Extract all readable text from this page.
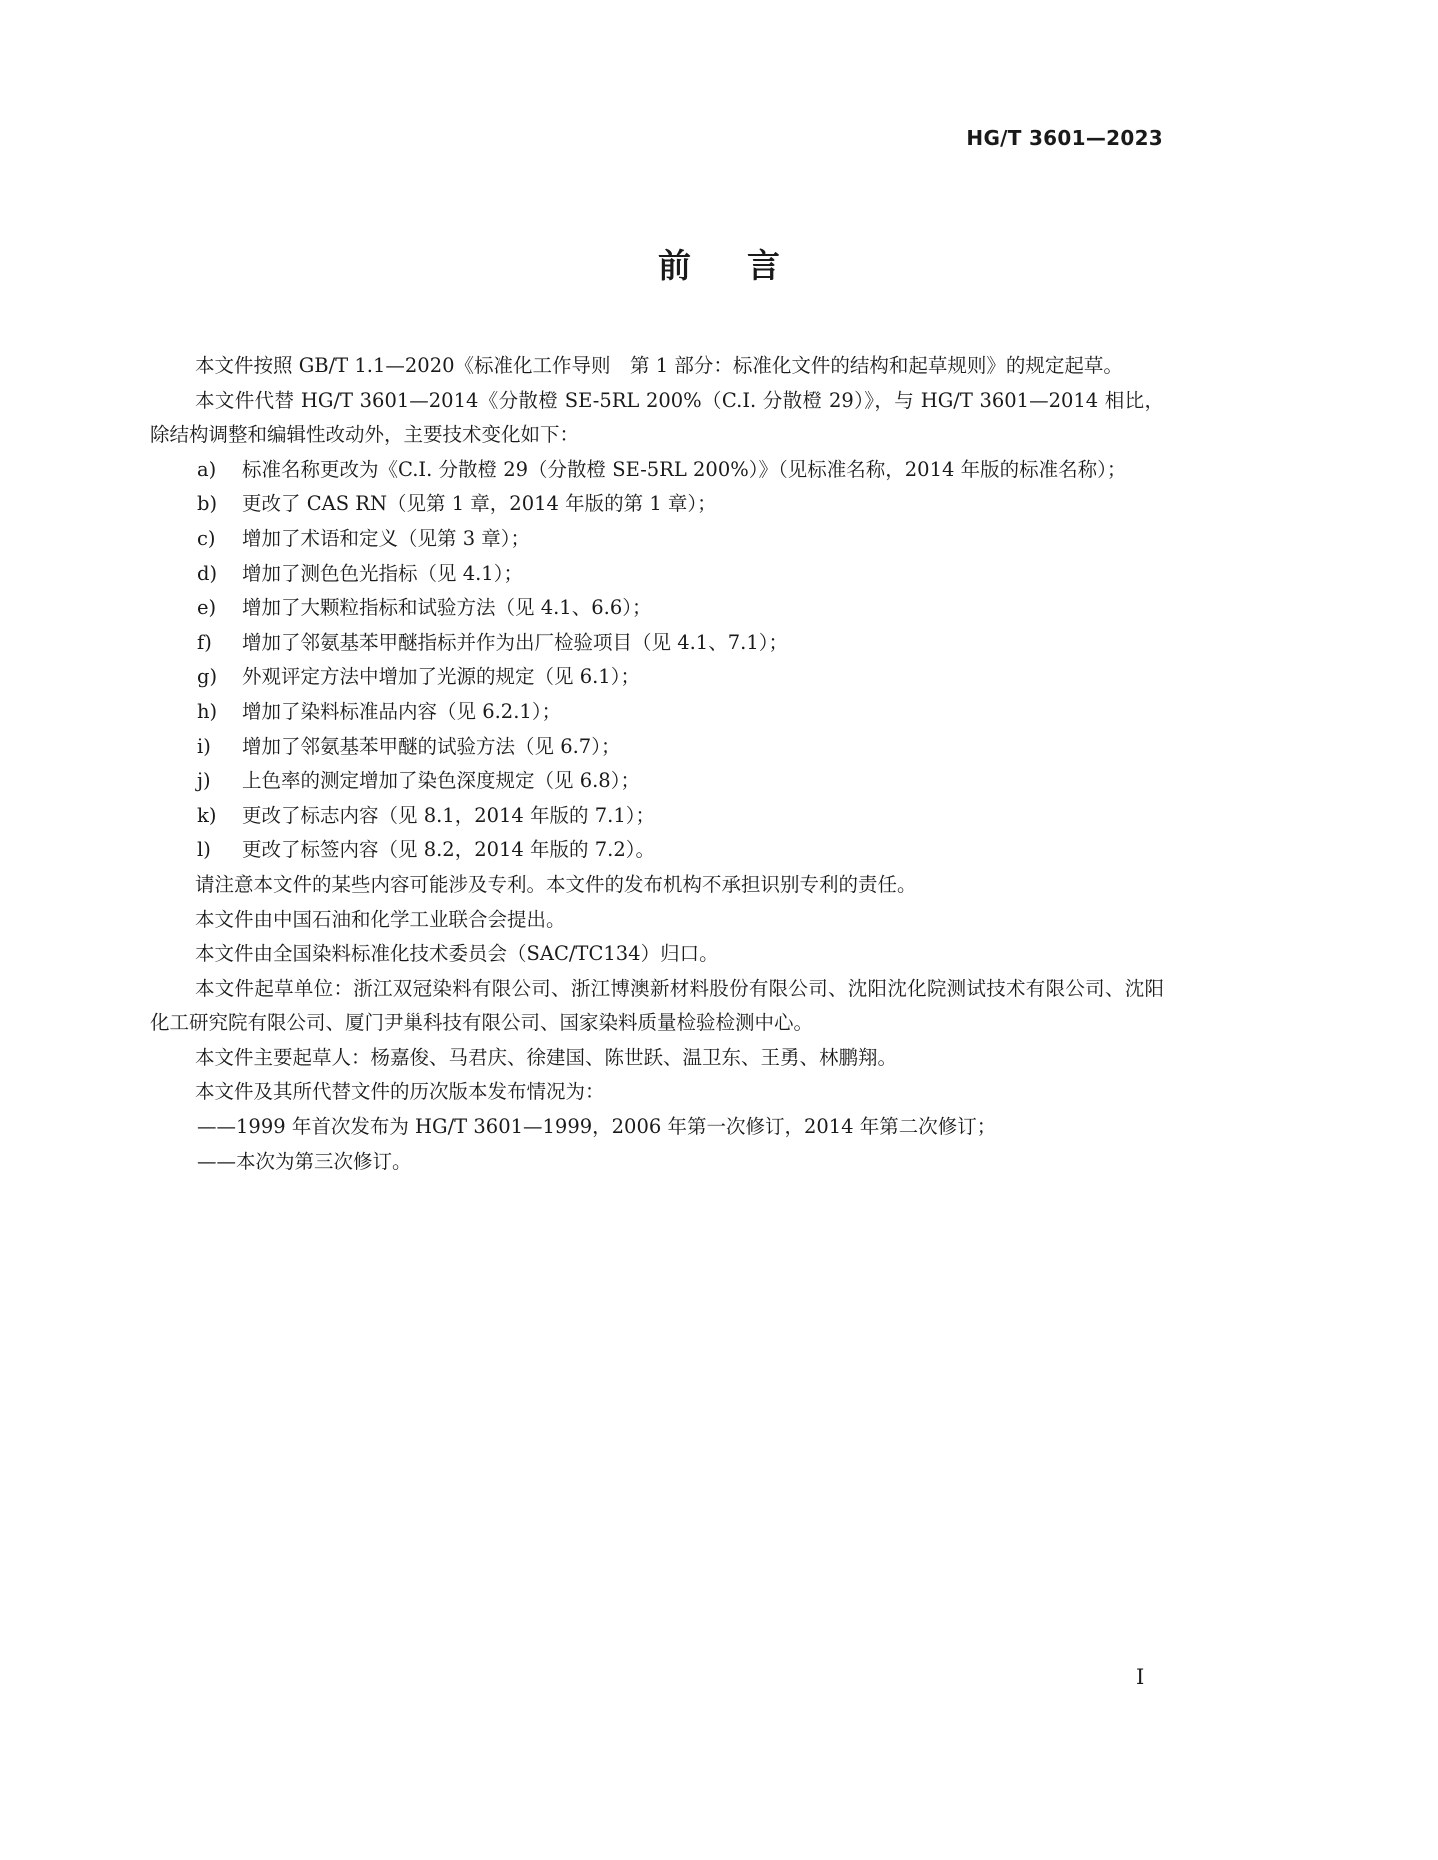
HG/T 3601—2023
前言

本文件按照 GB/T 1.1—2020《标准化工作导则　第 1 部分：标准化文件的结构和起草规则》的规定起草。

本文件代替 HG/T 3601—2014《分散橙 SE-5RL 200%（C.I. 分散橙 29）》，与 HG/T 3601—2014 相比，除结构调整和编辑性改动外，主要技术变化如下：

a) 标准名称更改为《C.I. 分散橙 29（分散橙 SE-5RL 200%）》（见标准名称，2014 年版的标准名称）；

b) 更改了 CAS RN（见第 1 章，2014 年版的第 1 章）；

c) 增加了术语和定义（见第 3 章）；

d) 增加了测色色光指标（见 4.1）；

e) 增加了大颗粒指标和试验方法（见 4.1、6.6）；

f) 增加了邻氨基苯甲醚指标并作为出厂检验项目（见 4.1、7.1）；

g) 外观评定方法中增加了光源的规定（见 6.1）；

h) 增加了染料标准品内容（见 6.2.1）；

i) 增加了邻氨基苯甲醚的试验方法（见 6.7）；

j) 上色率的测定增加了染色深度规定（见 6.8）；

k) 更改了标志内容（见 8.1，2014 年版的 7.1）；

l) 更改了标签内容（见 8.2，2014 年版的 7.2）。

请注意本文件的某些内容可能涉及专利。本文件的发布机构不承担识别专利的责任。

本文件由中国石油和化学工业联合会提出。

本文件由全国染料标准化技术委员会（SAC/TC134）归口。

本文件起草单位：浙江双冠染料有限公司、浙江博澳新材料股份有限公司、沈阳沈化院测试技术有限公司、沈阳化工研究院有限公司、厦门尹巢科技有限公司、国家染料质量检验检测中心。

本文件主要起草人：杨嘉俊、马君庆、徐建国、陈世跃、温卫东、王勇、林鹏翔。

本文件及其所代替文件的历次版本发布情况为：

——1999 年首次发布为 HG/T 3601—1999，2006 年第一次修订，2014 年第二次修订；

——本次为第三次修订。

I
